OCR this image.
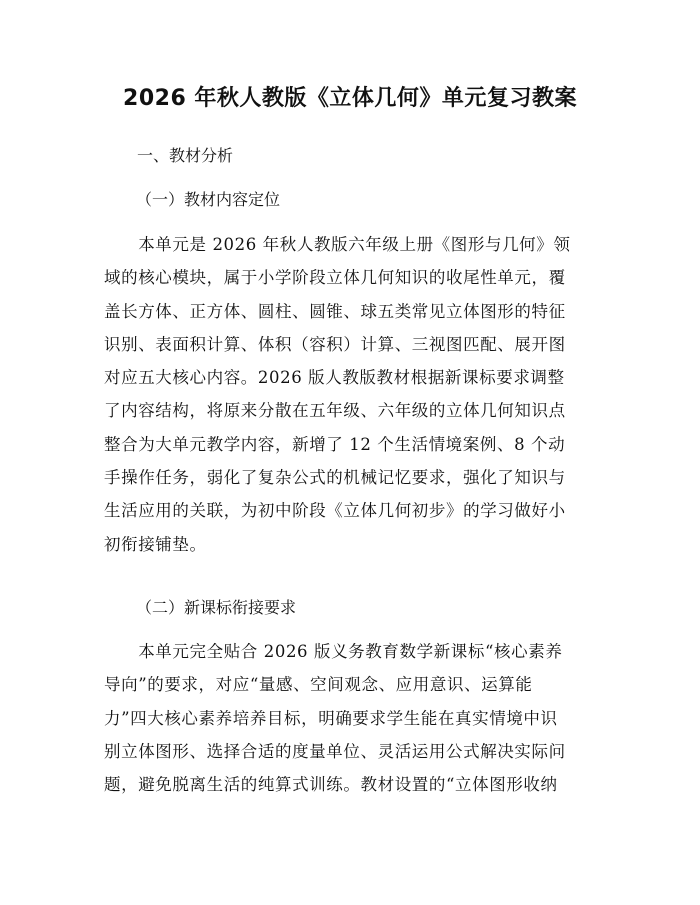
2026 年秋人教版《立体几何》单元复习教案

一、教材分析

（一）教材内容定位

　　本单元是 2026 年秋人教版六年级上册《图形与几何》领
域的核心模块，属于小学阶段立体几何知识的收尾性单元，覆
盖长方体、正方体、圆柱、圆锥、球五类常见立体图形的特征
识别、表面积计算、体积（容积）计算、三视图匹配、展开图
对应五大核心内容。2026 版人教版教材根据新课标要求调整
了内容结构，将原来分散在五年级、六年级的立体几何知识点
整合为大单元教学内容，新增了 12 个生活情境案例、8 个动
手操作任务，弱化了复杂公式的机械记忆要求，强化了知识与
生活应用的关联，为初中阶段《立体几何初步》的学习做好小
初衔接铺垫。

（二）新课标衔接要求

　　本单元完全贴合 2026 版义务教育数学新课标“核心素养
导向”的要求，对应“量感、空间观念、应用意识、运算能
力”四大核心素养培养目标，明确要求学生能在真实情境中识
别立体图形、选择合适的度量单位、灵活运用公式解决实际问
题，避免脱离生活的纯算式训练。教材设置的“立体图形收纳
